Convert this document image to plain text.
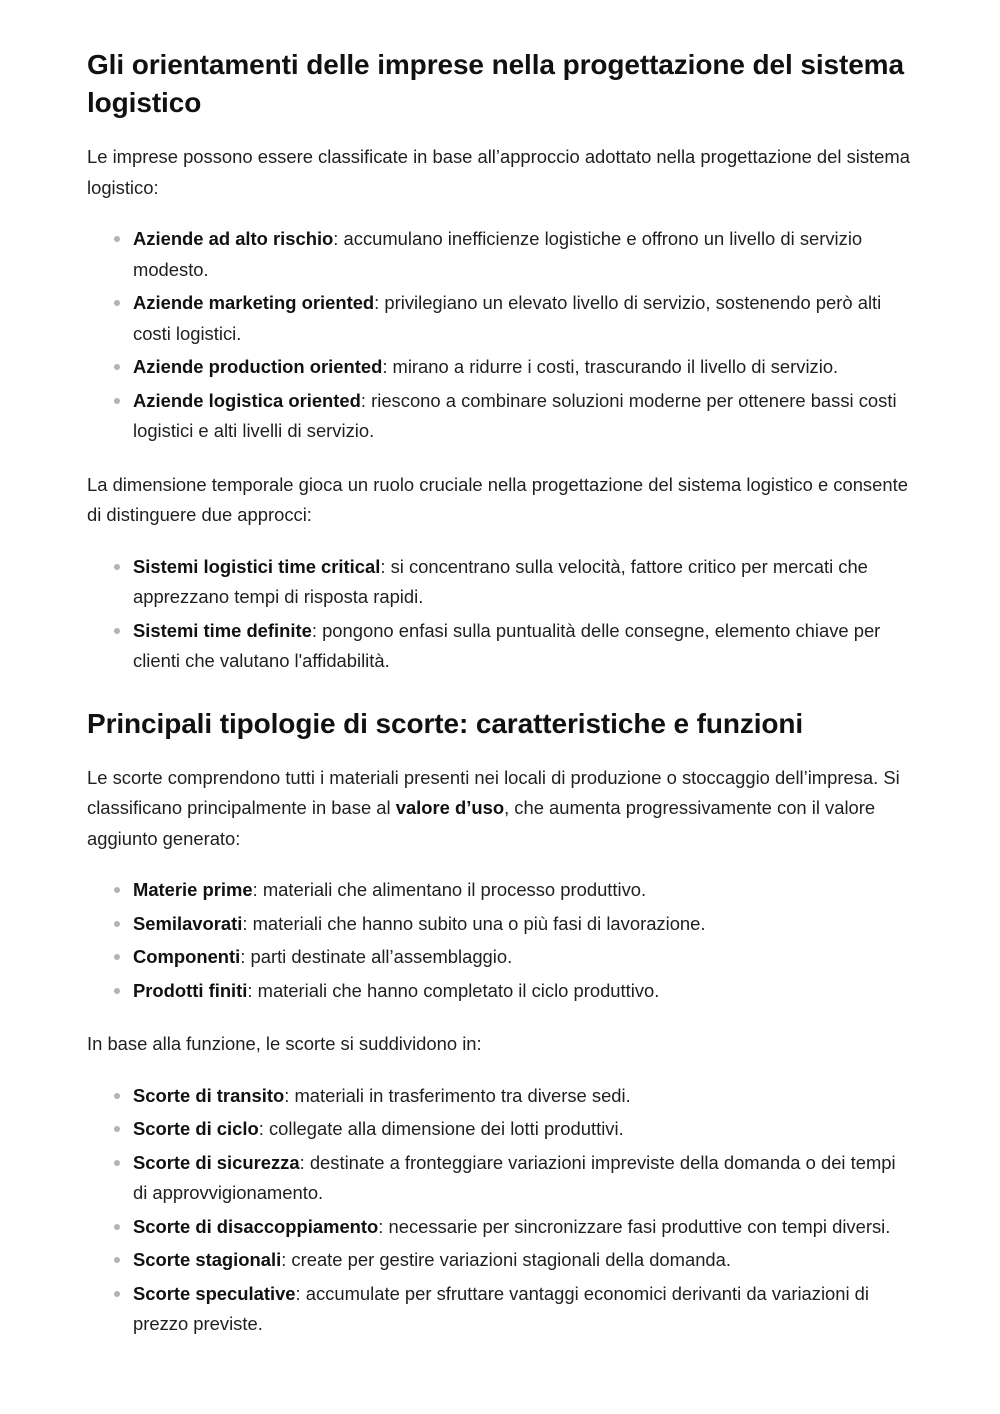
Gli orientamenti delle imprese nella progettazione del sistema logistico

Le imprese possono essere classificate in base all’approccio adottato nella progettazione del sistema logistico:

Aziende ad alto rischio: accumulano inefficienze logistiche e offrono un livello di servizio modesto.
Aziende marketing oriented: privilegiano un elevato livello di servizio, sostenendo però alti costi logistici.
Aziende production oriented: mirano a ridurre i costi, trascurando il livello di servizio.
Aziende logistica oriented: riescono a combinare soluzioni moderne per ottenere bassi costi logistici e alti livelli di servizio.

La dimensione temporale gioca un ruolo cruciale nella progettazione del sistema logistico e consente di distinguere due approcci:

Sistemi logistici time critical: si concentrano sulla velocità, fattore critico per mercati che apprezzano tempi di risposta rapidi.
Sistemi time definite: pongono enfasi sulla puntualità delle consegne, elemento chiave per clienti che valutano l'affidabilità.
Principali tipologie di scorte: caratteristiche e funzioni

Le scorte comprendono tutti i materiali presenti nei locali di produzione o stoccaggio dell’impresa. Si classificano principalmente in base al valore d’uso, che aumenta progressivamente con il valore aggiunto generato:

Materie prime: materiali che alimentano il processo produttivo.
Semilavorati: materiali che hanno subito una o più fasi di lavorazione.
Componenti: parti destinate all’assemblaggio.
Prodotti finiti: materiali che hanno completato il ciclo produttivo.

In base alla funzione, le scorte si suddividono in:

Scorte di transito: materiali in trasferimento tra diverse sedi.
Scorte di ciclo: collegate alla dimensione dei lotti produttivi.
Scorte di sicurezza: destinate a fronteggiare variazioni impreviste della domanda o dei tempi di approvvigionamento.
Scorte di disaccoppiamento: necessarie per sincronizzare fasi produttive con tempi diversi.
Scorte stagionali: create per gestire variazioni stagionali della domanda.
Scorte speculative: accumulate per sfruttare vantaggi economici derivanti da variazioni di prezzo previste.
